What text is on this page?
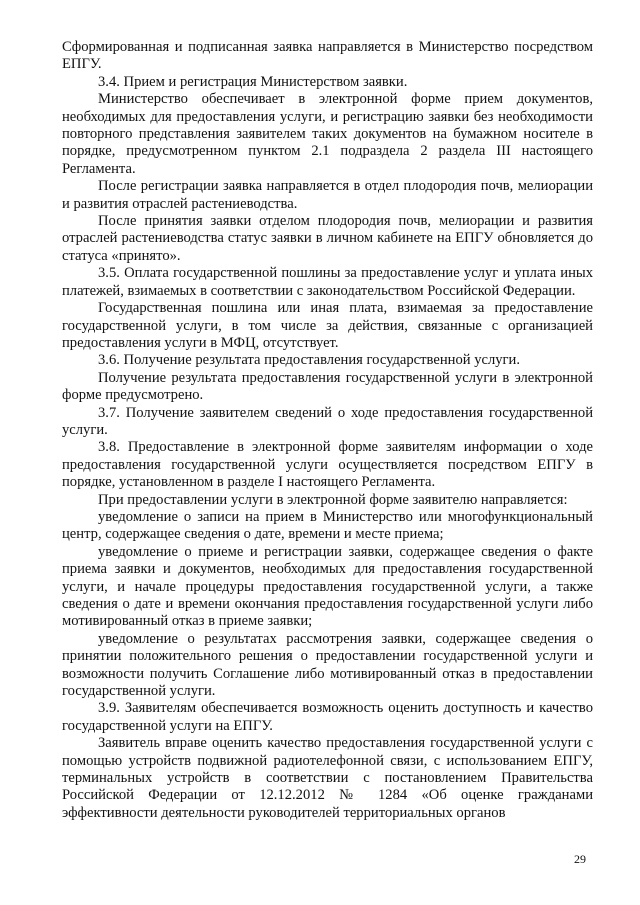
Сформированная и подписанная заявка направляется в Министерство посредством ЕПГУ.

3.4. Прием и регистрация Министерством заявки.

Министерство обеспечивает в электронной форме прием документов, необходимых для предоставления услуги, и регистрацию заявки без необходимости повторного представления заявителем таких документов на бумажном носителе в порядке, предусмотренном пунктом 2.1 подраздела 2 раздела III настоящего Регламента.

После регистрации заявка направляется в отдел плодородия почв, мелиорации и развития отраслей растениеводства.

После принятия заявки отделом плодородия почв, мелиорации и развития отраслей растениеводства статус заявки в личном кабинете на ЕПГУ обновляется до статуса «принято».

3.5. Оплата государственной пошлины за предоставление услуг и уплата иных платежей, взимаемых в соответствии с законодательством Российской Федерации.

Государственная пошлина или иная плата, взимаемая за предоставление государственной услуги, в том числе за действия, связанные с организацией предоставления услуги в МФЦ, отсутствует.

3.6. Получение результата предоставления государственной услуги.

Получение результата предоставления государственной услуги в электронной форме предусмотрено.

3.7. Получение заявителем сведений о ходе предоставления государственной услуги.

3.8. Предоставление в электронной форме заявителям информации о ходе предоставления государственной услуги осуществляется посредством ЕПГУ в порядке, установленном в разделе I настоящего Регламента.

При предоставлении услуги в электронной форме заявителю направляется:

уведомление о записи на прием в Министерство или многофункциональный центр, содержащее сведения о дате, времени и месте приема;

уведомление о приеме и регистрации заявки, содержащее сведения о факте приема заявки и документов, необходимых для предоставления государственной услуги, и начале процедуры предоставления государственной услуги, а также сведения о дате и времени окончания предоставления государственной услуги либо мотивированный отказ в приеме заявки;

уведомление о результатах рассмотрения заявки, содержащее сведения о принятии положительного решения о предоставлении государственной услуги и возможности получить Соглашение либо мотивированный отказ в предоставлении государственной услуги.

3.9. Заявителям обеспечивается возможность оценить доступность и качество государственной услуги на ЕПГУ.

Заявитель вправе оценить качество предоставления государственной услуги с помощью устройств подвижной радиотелефонной связи, с использованием ЕПГУ, терминальных устройств в соответствии с постановлением Правительства Российской Федерации от 12.12.2012 № 1284 «Об оценке гражданами эффективности деятельности руководителей территориальных органов

29
